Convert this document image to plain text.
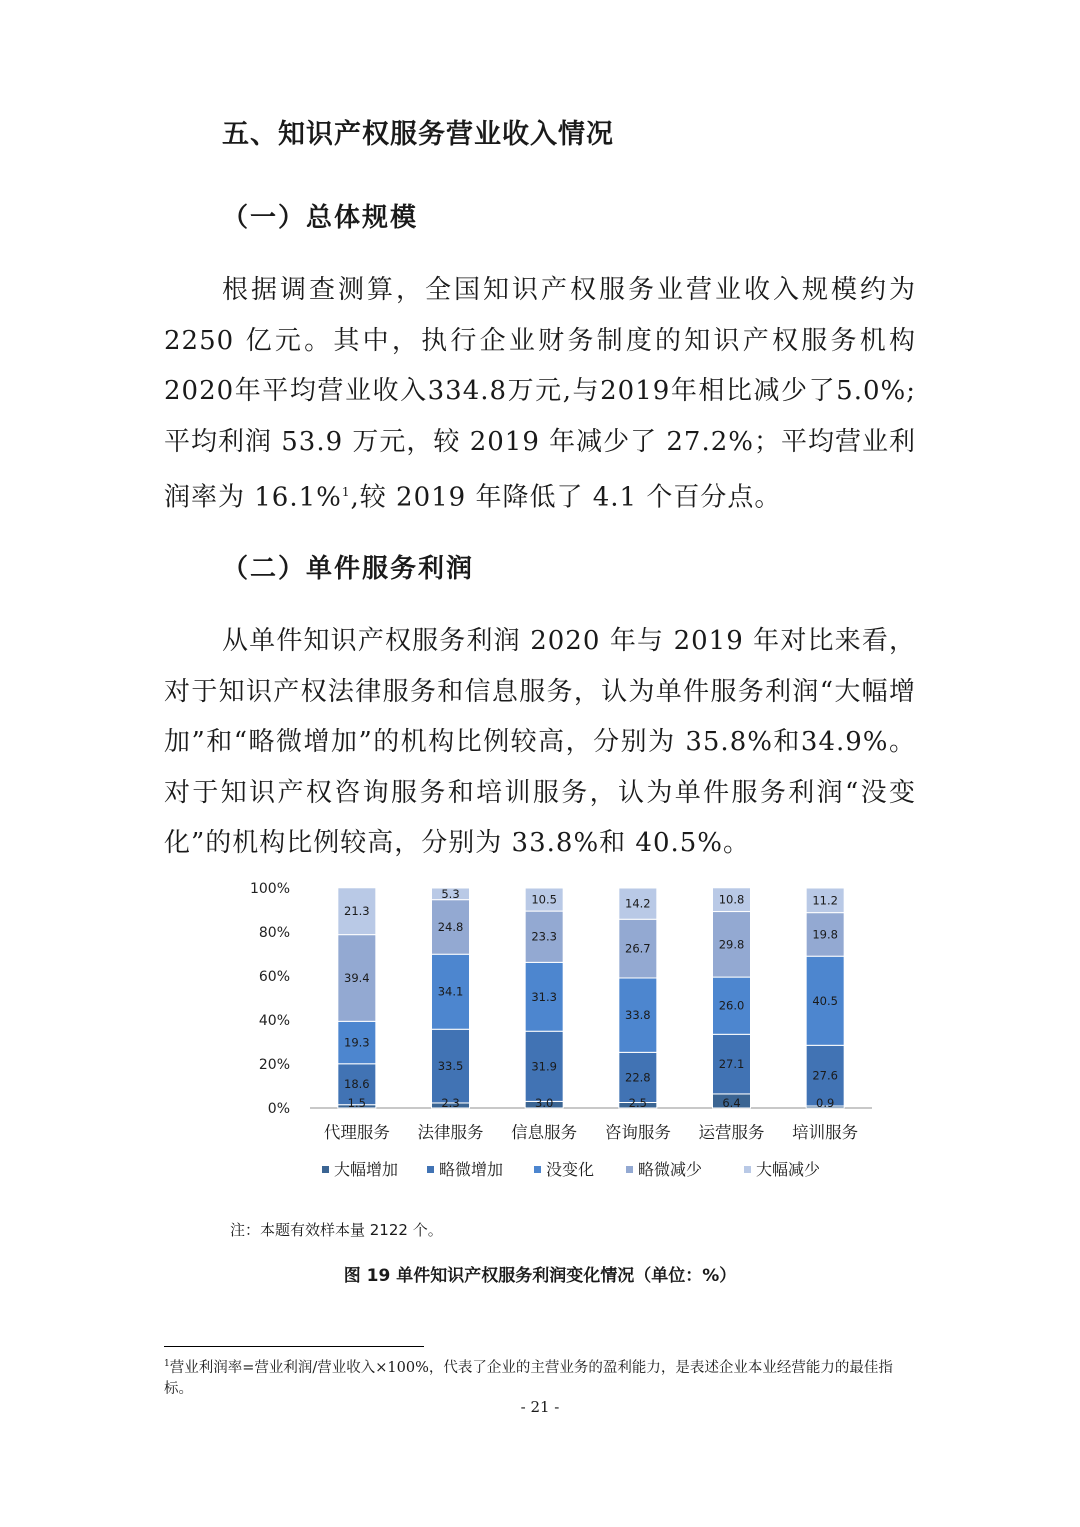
五、知识产权服务营业收入情况
（一）总体规模

根据调查测算，全国知识产权服务业营业收入规模约为2250 亿元。其中，执行企业财务制度的知识产权服务机构2020年平均营业收入334.8万元,与2019年相比减少了5.0%;平均利润 53.9 万元，较 2019 年减少了 27.2%；平均营业利润率为 16.1%$^1$,较 2019 年降低了 4.1 个百分点。

（二）单件服务利润

从单件知识产权服务利润 2020 年与 2019 年对比来看，对于知识产权法律服务和信息服务，认为单件服务利润“大幅增加”和“略微增加”的机构比例较高，分别为 35.8%和34.9%。对于知识产权咨询服务和培训服务，认为单件服务利润“没变化”的机构比例较高，分别为 33.8%和 40.5%。

0%
20%
40%
60%
80%
100%
代理服务 法律服务 信息服务 咨询服务 运营服务 培训服务
1.5
18.6
19.3
39.4
21.3
2.3
33.5
34.1
24.8
5.3
3.0
31.9
31.3
23.3
10.5
2.5
22.8
33.8
26.7
14.2
6.4
27.1
26.0
29.8
10.8
0.9
27.6
40.5
19.8
11.2
大幅增加	略微增加	没变化	略微减少	大幅减少
注：本题有效样本量 2122 个。
图 19 单件知识产权服务利润变化情况（单位：%）
$^1$营业利润率=营业利润/营业收入×100%，代表了企业的主营业务的盈利能力，是表述企业本业经营能力的最佳指标。
- 21 -
